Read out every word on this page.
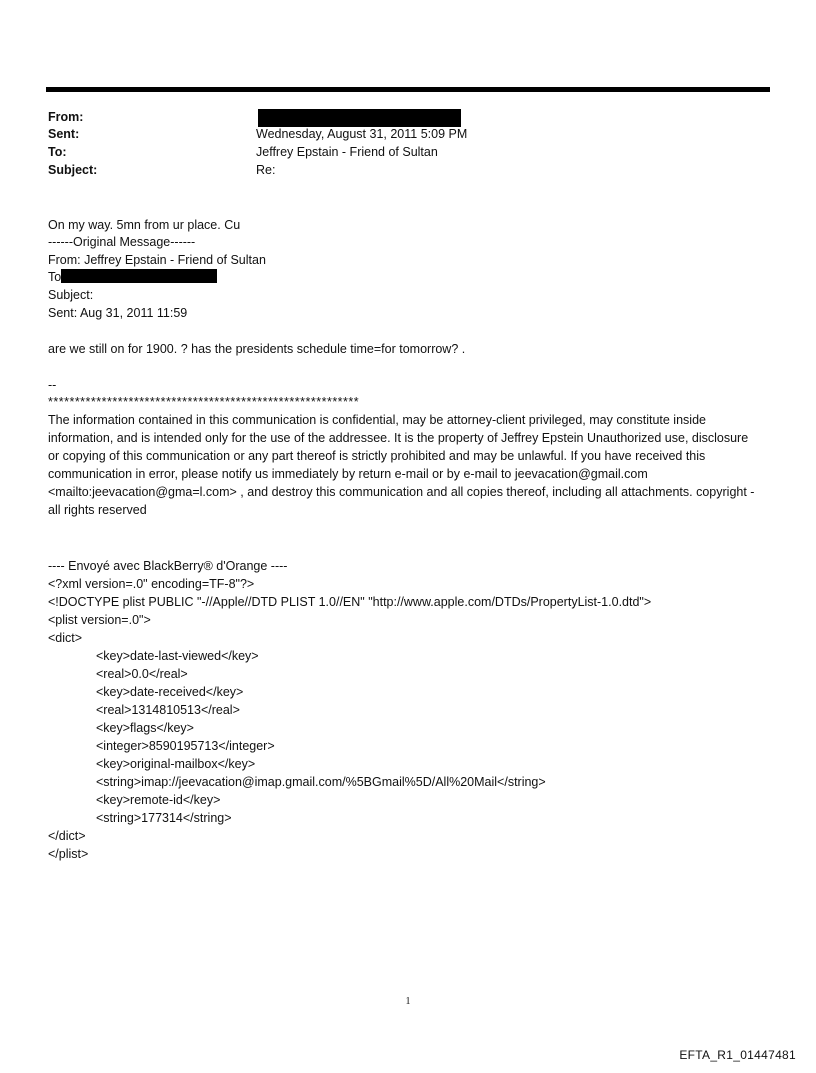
From:
Sent:	Wednesday, August 31, 2011 5:09 PM
To:	Jeffrey Epstain - Friend of Sultan
Subject:	Re:
On my way. 5mn from ur place. Cu
------Original Message------
From: Jeffrey Epstain - Friend of Sultan
To
Subject:
Sent: Aug 31, 2011 11:59
are we still on for 1900. ? has the presidents schedule time=for tomorrow? .
--
**********************************************************
The information contained in this communication is confidential, may be attorney-client privileged, may constitute inside information, and is intended only for the use of the addressee. It is the property of Jeffrey Epstein Unauthorized use, disclosure or copying of this communication or any part thereof is strictly prohibited and may be unlawful. If you have received this communication in error, please notify us immediately by return e-mail or by e-mail to jeevacation@gmail.com <mailto:jeevacation@gma=l.com> , and destroy this communication and all copies thereof, including all attachments. copyright -all rights reserved
---- Envoyé avec BlackBerry® d'Orange ----
<?xml version=.0" encoding=TF-8"?>
<!DOCTYPE plist PUBLIC "-//Apple//DTD PLIST 1.0//EN" "http://www.apple.com/DTDs/PropertyList-1.0.dtd">
<plist version=.0">
<dict>
<key>date-last-viewed</key>
<real>0.0</real>
<key>date-received</key>
<real>1314810513</real>
<key>flags</key>
<integer>8590195713</integer>
<key>original-mailbox</key>
<string>imap://jeevacation@imap.gmail.com/%5BGmail%5D/All%20Mail</string>
<key>remote-id</key>
<string>177314</string>
</dict>
</plist>
1
EFTA_R1_01447481
